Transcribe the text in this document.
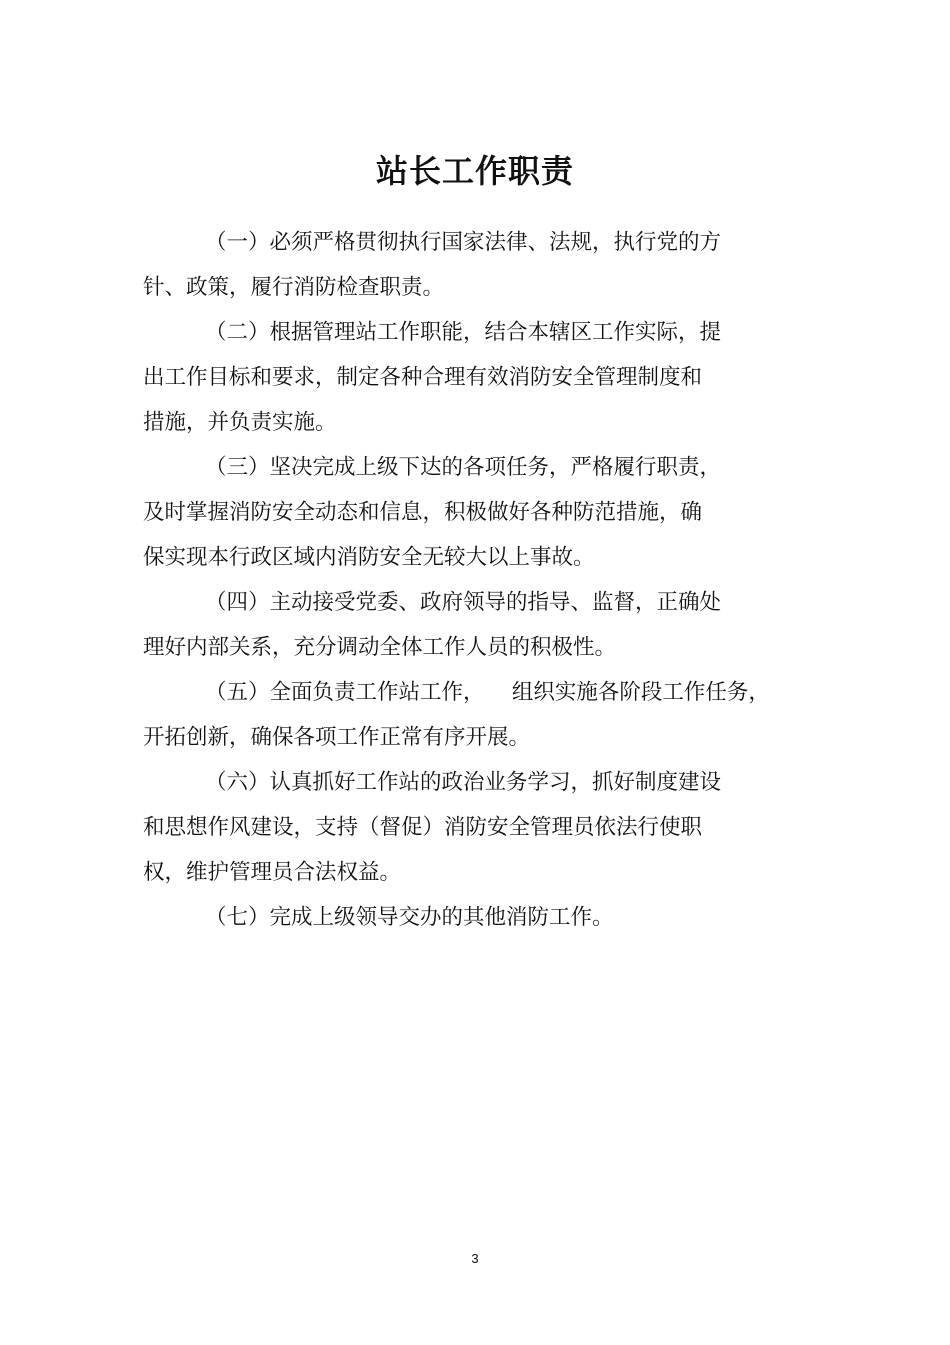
站长工作职责
（一）必须严格贯彻执行国家法律、法规，执行党的方
针、政策，履行消防检查职责。
（二）根据管理站工作职能，结合本辖区工作实际，提
出工作目标和要求，制定各种合理有效消防安全管理制度和
措施，并负责实施。
（三）坚决完成上级下达的各项任务，严格履行职责，
及时掌握消防安全动态和信息，积极做好各种防范措施，确
保实现本行政区域内消防安全无较大以上事故。
（四）主动接受党委、政府领导的指导、监督，正确处
理好内部关系，充分调动全体工作人员的积极性。
（五）全面负责工作站工作，    组织实施各阶段工作任务，
开拓创新，确保各项工作正常有序开展。
（六）认真抓好工作站的政治业务学习，抓好制度建设
和思想作风建设，支持（督促）消防安全管理员依法行使职
权，维护管理员合法权益。
（七）完成上级领导交办的其他消防工作。
3
